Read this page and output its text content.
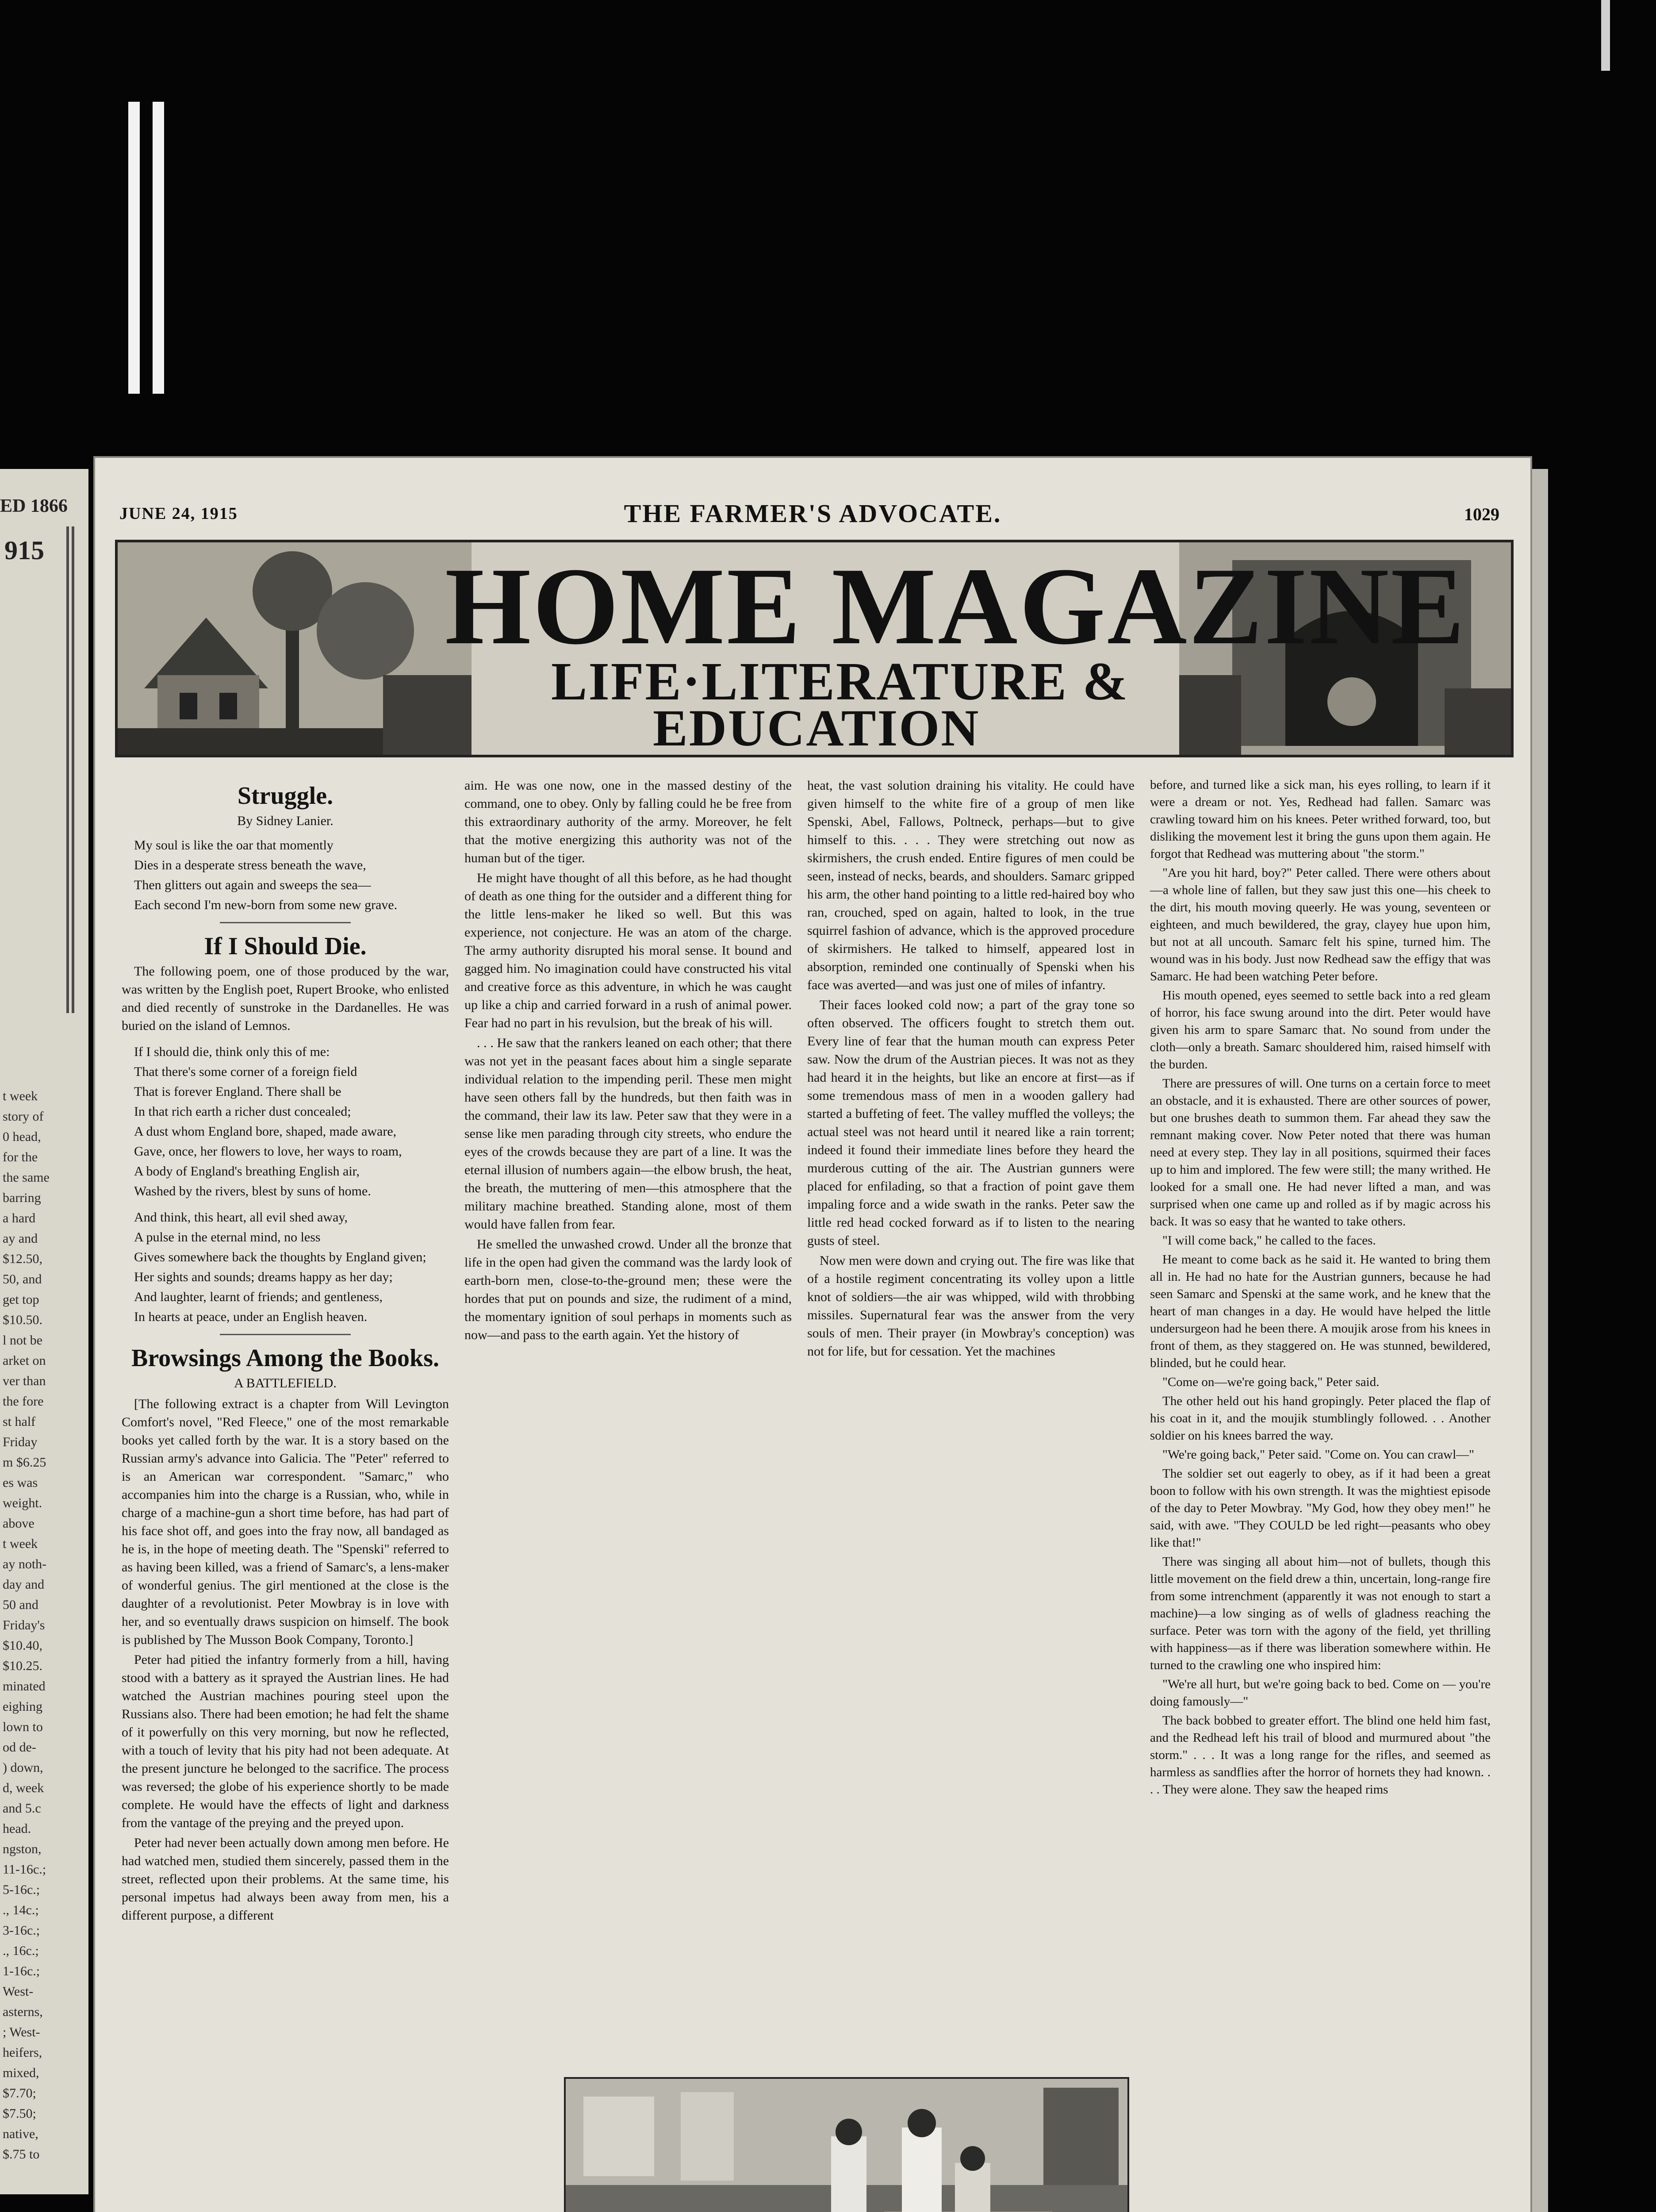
ED 1866
915
t week
story of
0 head,
for the
the same
barring
a hard
ay and
$12.50,
50, and
get top
$10.50.
l not be
arket on
ver than
the fore
st half
Friday
m $6.25
es was
weight.
above
t week
ay noth-
day and
50 and
Friday's
$10.40,
$10.25.
minated
eighing
lown to
od de-
) down,
d, week
and 5.c
head.
ngston,
11-16c.;
5-16c.;
., 14c.;
3-16c.;
., 16c.;
1-16c.;
West-
asterns,
; West-
heifers,
mixed,
$7.70;
$7.50;
native,
$.75 to
JUNE 24, 1915	THE FARMER'S ADVOCATE.	1029
HOME MAGAZINE
LIFE·LITERATURE &
EDUCATION
Struggle.
By Sidney Lanier.

My soul is like the oar that momently

Dies in a desperate stress beneath the wave,

Then glitters out again and sweeps the sea—

Each second I'm new-born from some new grave.

If I Should Die.

The following poem, one of those produced by the war, was written by the English poet, Rupert Brooke, who enlisted and died recently of sunstroke in the Dardanelles. He was buried on the island of Lemnos.

If I should die, think only this of me:

That there's some corner of a foreign field

That is forever England. There shall be

In that rich earth a richer dust concealed;

A dust whom England bore, shaped, made aware,

Gave, once, her flowers to love, her ways to roam,

A body of England's breathing English air,

Washed by the rivers, blest by suns of home.

And think, this heart, all evil shed away,

A pulse in the eternal mind, no less

Gives somewhere back the thoughts by England given;

Her sights and sounds; dreams happy as her day;

And laughter, learnt of friends; and gentleness,

In hearts at peace, under an English heaven.

Browsings Among the Books.
A BATTLEFIELD.

[The following extract is a chapter from Will Levington Comfort's novel, "Red Fleece," one of the most remarkable books yet called forth by the war. It is a story based on the Russian army's advance into Galicia. The "Peter" referred to is an American war correspondent. "Samarc," who accompanies him into the charge is a Russian, who, while in charge of a machine-gun a short time before, has had part of his face shot off, and goes into the fray now, all bandaged as he is, in the hope of meeting death. The "Spenski" referred to as having been killed, was a friend of Samarc's, a lens-maker of wonderful genius. The girl mentioned at the close is the daughter of a revolutionist. Peter Mowbray is in love with her, and so eventually draws suspicion on himself. The book is published by The Musson Book Company, Toronto.]

Peter had pitied the infantry formerly from a hill, having stood with a battery as it sprayed the Austrian lines. He had watched the Austrian machines pouring steel upon the Russians also. There had been emotion; he had felt the shame of it powerfully on this very morning, but now he reflected, with a touch of levity that his pity had not been adequate. At the present juncture he belonged to the sacrifice. The process was reversed; the globe of his experience shortly to be made complete. He would have the effects of light and darkness from the vantage of the preying and the preyed upon.

Peter had never been actually down among men before. He had watched men, studied them sincerely, passed them in the street, reflected upon their problems. At the same time, his personal impetus had always been away from men, his a different purpose, a different

aim. He was one now, one in the massed destiny of the command, one to obey. Only by falling could he be free from this extraordinary authority of the army. Moreover, he felt that the motive energizing this authority was not of the human but of the tiger.

He might have thought of all this before, as he had thought of death as one thing for the outsider and a different thing for the little lens-maker he liked so well. But this was experience, not conjecture. He was an atom of the charge. The army authority disrupted his moral sense. It bound and gagged him. No imagination could have constructed his vital and creative force as this adventure, in which he was caught up like a chip and carried forward in a rush of animal power. Fear had no part in his revulsion, but the break of his will.

. . . He saw that the rankers leaned on each other; that there was not yet in the peasant faces about him a single separate individual relation to the impending peril. These men might have seen others fall by the hundreds, but then faith was in the command, their law its law. Peter saw that they were in a sense like men parading through city streets, who endure the eyes of the crowds because they are part of a line. It was the eternal illusion of numbers again—the elbow brush, the heat, the breath, the muttering of men—this atmosphere that the military machine breathed. Standing alone, most of them would have fallen from fear.

He smelled the unwashed crowd. Under all the bronze that life in the open had given the command was the lardy look of earth-born men, close-to-the-ground men; these were the hordes that put on pounds and size, the rudiment of a mind, the momentary ignition of soul perhaps in moments such as now—and pass to the earth again. Yet the history of

heat, the vast solution draining his vitality. He could have given himself to the white fire of a group of men like Spenski, Abel, Fallows, Poltneck, perhaps—but to give himself to this. . . . They were stretching out now as skirmishers, the crush ended. Entire figures of men could be seen, instead of necks, beards, and shoulders. Samarc gripped his arm, the other hand pointing to a little red-haired boy who ran, crouched, sped on again, halted to look, in the true squirrel fashion of advance, which is the approved procedure of skirmishers. He talked to himself, appeared lost in absorption, reminded one continually of Spenski when his face was averted—and was just one of miles of infantry.

Their faces looked cold now; a part of the gray tone so often observed. The officers fought to stretch them out. Every line of fear that the human mouth can express Peter saw. Now the drum of the Austrian pieces. It was not as they had heard it in the heights, but like an encore at first—as if some tremendous mass of men in a wooden gallery had started a buffeting of feet. The valley muffled the volleys; the actual steel was not heard until it neared like a rain torrent; indeed it found their immediate lines before they heard the murderous cutting of the air. The Austrian gunners were placed for enfilading, so that a fraction of point gave them impaling force and a wide swath in the ranks. Peter saw the little red head cocked forward as if to listen to the nearing gusts of steel.

Now men were down and crying out. The fire was like that of a hostile regiment concentrating its volley upon a little knot of soldiers—the air was whipped, wild with throbbing missiles. Supernatural fear was the answer from the very souls of men. Their prayer (in Mowbray's conception) was not for life, but for cessation. Yet the machines

before, and turned like a sick man, his eyes rolling, to learn if it were a dream or not. Yes, Redhead had fallen. Samarc was crawling toward him on his knees. Peter writhed forward, too, but disliking the movement lest it bring the guns upon them again. He forgot that Redhead was muttering about "the storm."

"Are you hit hard, boy?" Peter called. There were others about—a whole line of fallen, but they saw just this one—his cheek to the dirt, his mouth moving queerly. He was young, seventeen or eighteen, and much bewildered, the gray, clayey hue upon him, but not at all uncouth. Samarc felt his spine, turned him. The wound was in his body. Just now Redhead saw the effigy that was Samarc. He had been watching Peter before.

His mouth opened, eyes seemed to settle back into a red gleam of horror, his face swung around into the dirt. Peter would have given his arm to spare Samarc that. No sound from under the cloth—only a breath. Samarc shouldered him, raised himself with the burden.

There are pressures of will. One turns on a certain force to meet an obstacle, and it is exhausted. There are other sources of power, but one brushes death to summon them. Far ahead they saw the remnant making cover. Now Peter noted that there was human need at every step. They lay in all positions, squirmed their faces up to him and implored. The few were still; the many writhed. He looked for a small one. He had never lifted a man, and was surprised when one came up and rolled as if by magic across his back. It was so easy that he wanted to take others.

"I will come back," he called to the faces.

He meant to come back as he said it. He wanted to bring them all in. He had no hate for the Austrian gunners, because he had seen Samarc and Spenski at the same work, and he knew that the heart of man changes in a day. He would have helped the little undersurgeon had he been there. A moujik arose from his knees in front of them, as they staggered on. He was stunned, bewildered, blinded, but he could hear.

"Come on—we're going back," Peter said.

The other held out his hand gropingly. Peter placed the flap of his coat in it, and the moujik stumblingly followed. . . Another soldier on his knees barred the way.

"We're going back," Peter said. "Come on. You can crawl—"

The soldier set out eagerly to obey, as if it had been a great boon to follow with his own strength. It was the mightiest episode of the day to Peter Mowbray. "My God, how they obey men!" he said, with awe. "They COULD be led right—peasants who obey like that!"

There was singing all about him—not of bullets, though this little movement on the field drew a thin, uncertain, long-range fire from some intrenchment (apparently it was not enough to start a machine)—a low singing as of wells of gladness reaching the surface. Peter was torn with the agony of the field, yet thrilling with happiness—as if there was liberation somewhere within. He turned to the crawling one who inspired him:

"We're all hurt, but we're going back to bed. Come on — you're doing famously—"

The back bobbed to greater effort. The blind one held him fast, and the Redhead left his trail of blood and murmured about "the storm." . . . It was a long range for the rifles, and seemed as harmless as sandflies after the horror of hornets they had known. . . . They were alone. They saw the heaped rims
